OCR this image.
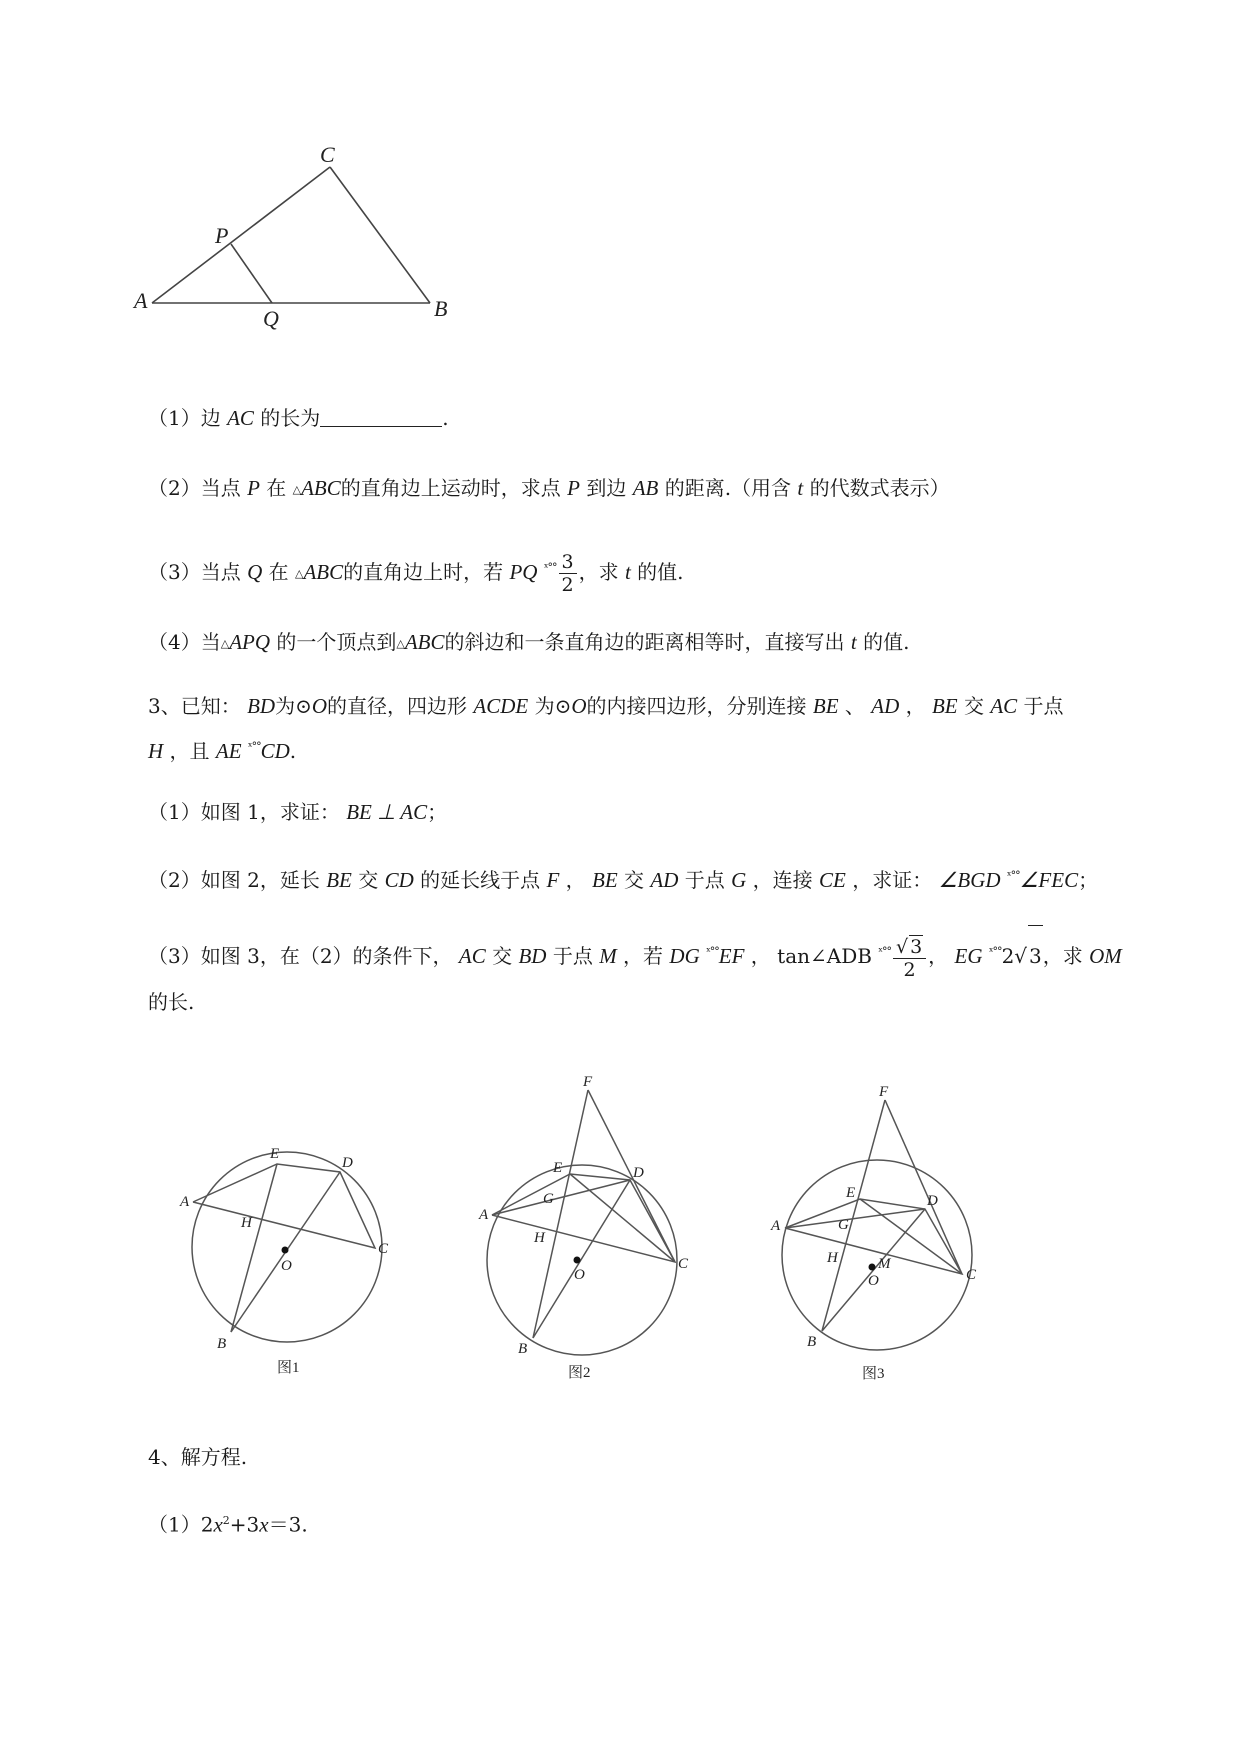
A	B
C
P
Q
（1）边 AC 的长为	.
（2）当点 P 在 △ABC的直角边上运动时，求点 P 到边 AB 的距离.（用含 t 的代数式表示）
（3）当点 Q 在 △ABC的直角边上时，若 PQ $^{ˣ^\circ^\circ} \frac{3}{2}$ ，求 t 的值.
（4）当△APQ 的一个顶点到△ABC的斜边和一条直角边的距离相等时，直接写出 t 的值.
3、已知： BD为⊙O的直径，四边形 ACDE 为⊙O的内接四边形，分别连接 BE 、 AD ， BE 交 AC 于点
H ，且 AE $^{ˣ^\circ^\circ}$CD.
（1）如图 1，求证： BE ⊥ AC；
（2）如图 2，延长 BE 交 CD 的延长线于点 F ， BE 交 AD 于点 G ，连接 CE ，求证： ∠BGD $^{ˣ^\circ^\circ}$∠FEC；
（3）如图 3，在（2）的条件下， AC 交 BD 于点 M ，若 DG $^{ˣ^\circ^\circ}$EF ， tan∠ADB $^{ˣ^\circ^\circ} \frac{√ 3}{2}$ ， EG $^{ˣ^\circ^\circ}$2√ 3，求 OM
的长.
A
E
D
C
H
O
B
图1
F
A
E	D
C
G
H
O
B
图2
F
A
E	D
C
G
H	M
O
B
图3
4、解方程.
$(1)2x^2+3x=3$.
